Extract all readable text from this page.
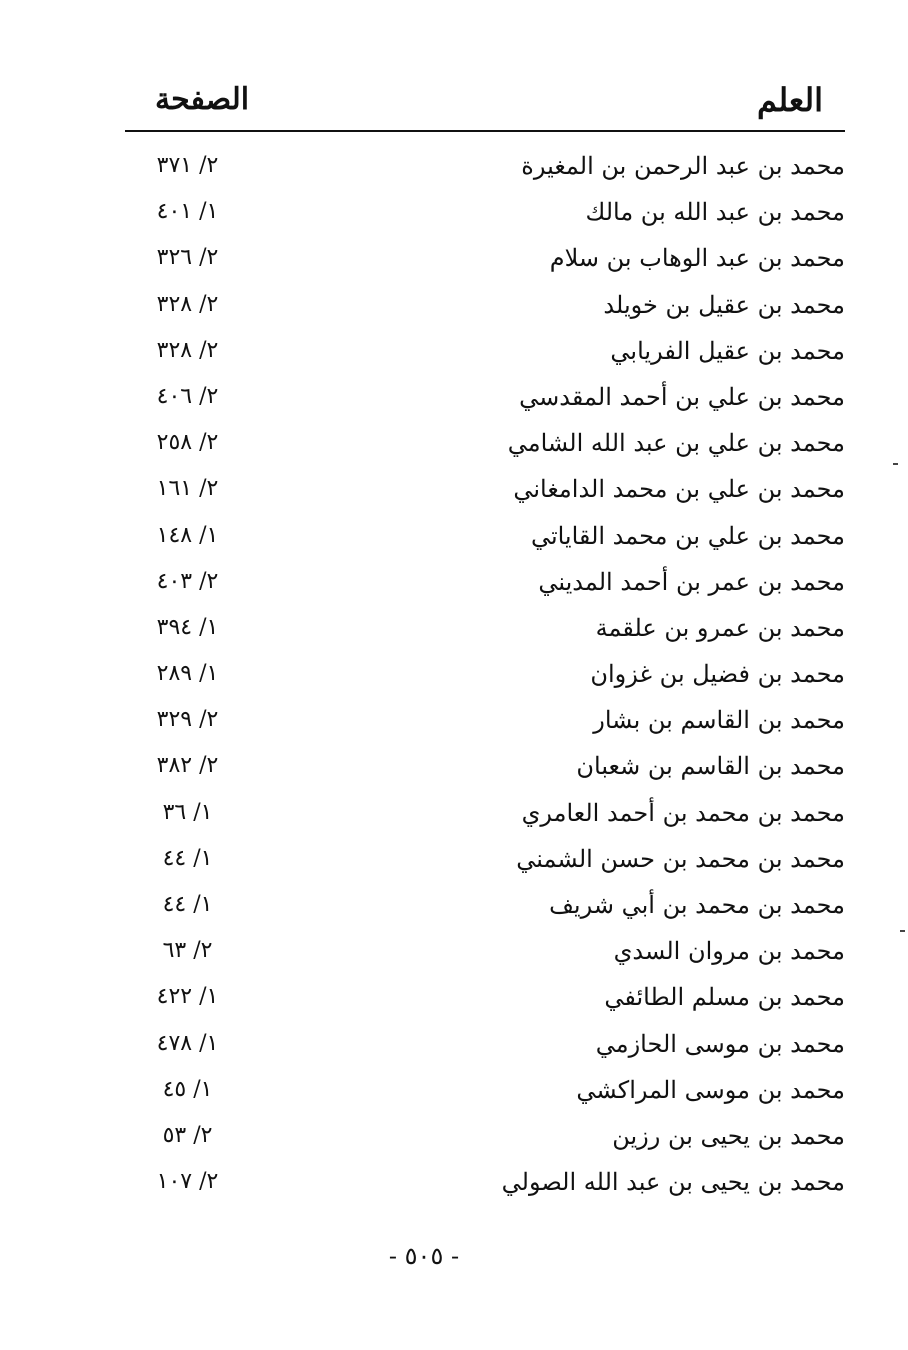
العلم
الصفحة
محمد بن عبد الرحمن بن المغيرة
٢/ ٣٧١
محمد بن عبد الله بن مالك
١/ ٤٠١
محمد بن عبد الوهاب بن سلام
٢/ ٣٢٦
محمد بن عقيل بن خويلد
٢/ ٣٢٨
محمد بن عقيل الفريابي
٢/ ٣٢٨
محمد بن علي بن أحمد المقدسي
٢/ ٤٠٦
محمد بن علي بن عبد الله الشامي
٢/ ٢٥٨
محمد بن علي بن محمد الدامغاني
٢/ ١٦١
محمد بن علي بن محمد القاياتي
١/ ١٤٨
محمد بن عمر بن أحمد المديني
٢/ ٤٠٣
محمد بن عمرو بن علقمة
١/ ٣٩٤
محمد بن فضيل بن غزوان
١/ ٢٨٩
محمد بن القاسم بن بشار
٢/ ٣٢٩
محمد بن القاسم بن شعبان
٢/ ٣٨٢
محمد بن محمد بن أحمد العامري
١/ ٣٦
محمد بن محمد بن حسن الشمني
١/ ٤٤
محمد بن محمد بن أبي شريف
١/ ٤٤
محمد بن مروان السدي
٢/ ٦٣
محمد بن مسلم الطائفي
١/ ٤٢٢
محمد بن موسى الحازمي
١/ ٤٧٨
محمد بن موسى المراكشي
١/ ٤٥
محمد بن يحيى بن رزين
٢/ ٥٣
محمد بن يحيى بن عبد الله الصولي
٢/ ١٠٧
- ٥٠٥ -
